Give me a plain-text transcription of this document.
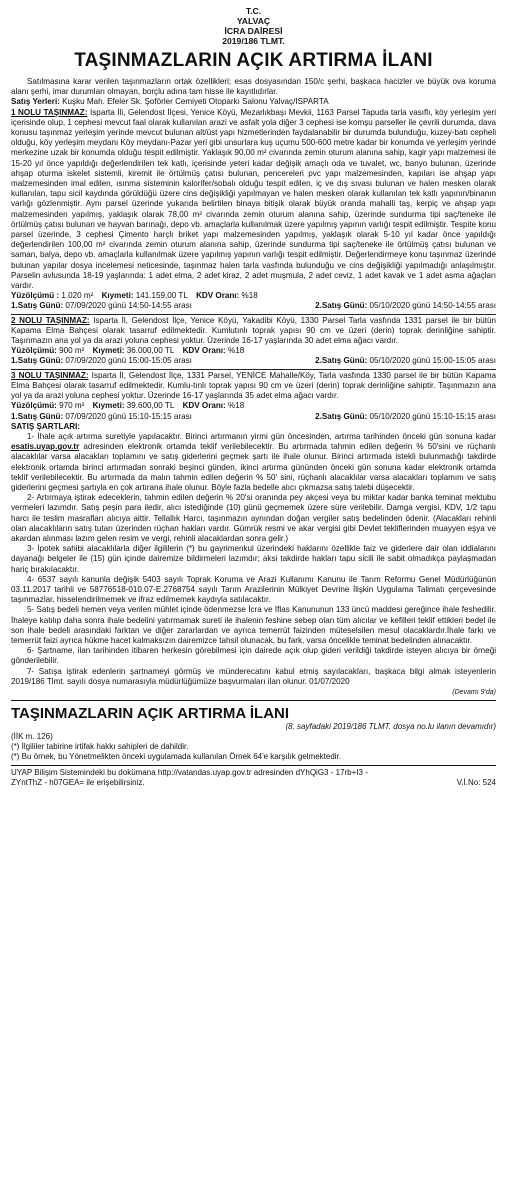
T.C.
YALVAÇ
İCRA DAİRESİ
2019/186 TLMT.
TAŞINMAZLARIN AÇIK ARTIRMA İLANI

Satılmasına karar verilen taşınmazların ortak özellikleri; esas dosyasından 150/c şerhi, başkaca hacizler ve büyük ova koruma alanı şerhi, imar durumları olmayan, borçlu adına tam hisse ile kayıtlıdırlar.

Satış Yerleri: Kuşku Mah. Efeler Sk. Şoförler Cemiyeti Otoparkı Salonu Yalvaç/ISPARTA

1 NOLU TAŞINMAZ: Isparta İli, Gelendost İlçesi, Yenice Köyü, Mezarlıkbaşı Mevkii, 1163 Parsel Tapuda tarla vasıflı, köy yerleşim yeri içerisinde olup, 1 cephesi mevcut faal olarak kullanılan arazi ve asfalt yola diğer 3 cephesi ise komşu parseller ile çevrili durumda, dava konusu taşınmaz yerleşim yerinde mevcut bulunan alt/üst yapı hizmetlerinden faydalanabilir bir durumda bulunduğu, kuzey-batı cepheli olduğu, köy yerleşim meydanı Köy meydanı-Pazar yeri gibi unsurlara kuş uçumu 500-600 metre kadar bir konumda ve yerleşim yerinde merkezine uzak bir konumda olduğu tespit edilmiştir. Yaklaşık 90,00 m² civarında zemin oturum alanına sahip, kagir yapı malzemesi ile 15-20 yıl önce yapıldığı değerlendirilen tek katlı, içerisinde yeteri kadar değişik amaçlı oda ve tuvalet, wc, banyo bulunan, üzerinde ahşap oturma iskelet sistemli, kiremit ile örtülmüş çatısı bulunan, pencereleri pvc yapı malzemesinden, kapıları ise ahşap yapı malzemesinden imal edilen, ısınma sisteminin kalorifer/sobalı olduğu tespit edilen, iç ve dış sıvası bulunan ve halen mesken olarak kullanılan, tapu sicil kaydında görüldüğü üzere cins değişikliği yapılmayan ve halen mesken olarak kullanılan tek katlı yapının/binanın varlığı gözlenmiştir. Aynı parsel üzerinde yukarıda belirtilen binaya bitişik olarak büyük oranda mahalli taş, kerpiç ve ahşap yapı malzemesinden yapılmış, yaklaşık olarak 78,00 m² civarında zemin oturum alanına sahip, üzerinde sundurma tipi saç/teneke ile örtülmüş çatısı bulunan ve hayvan barınağı, depo vb. amaçlarla kullanılmak üzere yapılmış yapının varlığı tespit edilmiştir. Tespite konu parsel üzerinde, 3 cephesi Çimento harçlı briket yapı malzemesinden yapılmış, yaklaşık olarak 5-10 yıl kadar önce yapıldığı değerlendirilen 100,00 m² civarında zemin oturum alanına sahip, üzerinde sundurma tipi saç/teneke ile örtülmüş çatısı bulunan ve saman, balya, depo vb. amaçlarla kullanılmak üzere yapılmış yapının varlığı tespit edilmiştir. Değerlendirmeye konu taşınmaz üzerinde bulunan yapılar dosya incelemesi neticesinde, taşınmaz halen tarla vasfında bulunduğu ve cins değişikliği yapılmadığı anlaşılmıştır. Parselin avlusunda 18-19 yaşlarında: 1 adet elma, 2 adet kiraz, 2 adet muşmula, 2 adet ceviz, 1 adet kavak ve 1 adet asma ağaçları vardır.

Yüzölçümü : 1.020 m² Kıymeti: 141.159,00 TL KDV Oranı: %18

1.Satış Günü: 07/09/2020 günü 14:50-14:55 arası	2.Satış Günü: 05/10/2020 günü 14:50-14:55 arası

2 NOLU TAŞINMAZ: Isparta İl, Gelendost İlçe, Yenice Köyü, Yakadibi Köyü, 1330 Parsel Tarla vasfında 1331 parsel ile bir bütün Kapama Elma Bahçesi olarak tasarruf edilmektedir. Kumlutınlı toprak yapısı 90 cm ve üzeri (derin) toprak derinliğine sahiptir. Taşınmazın ana yol ya da arazi yoluna cephesi yoktur. Üzerinde 16-17 yaşlarında 30 adet elma ağacı vardır.

Yüzölçümü: 900 m² Kıymeti: 36.000,00 TL KDV Oranı: %18

1.Satış Günü: 07/09/2020 günü 15:00-15:05 arası	2.Satış Günü: 05/10/2020 günü 15:00-15:05 arası

3 NOLU TAŞINMAZ: Isparta İl, Gelendost İlçe, 1331 Parsel, YENİCE Mahalle/Köy, Tarla vasfında 1330 parsel ile bir bütün Kapama Elma Bahçesi olarak tasarruf edilmektedir. Kumlu-tınlı toprak yapısı 90 cm ve üzeri (derin) toprak derinliğine sahiptir. Taşınmazın ana yol ya da arazi yoluna cephesi yoktur. Üzerinde 16-17 yaşlarında 35 adet elma ağacı vardır.

Yüzölçümü: 970 m² Kıymeti: 39.600,00 TL KDV Oranı: %18

1.Satış Günü: 07/09/2020 günü 15:10-15:15 arası	2.Satış Günü: 05/10/2020 günü 15:10-15:15 arası

SATIŞ ŞARTLARI:

1- İhale açık artırma suretiyle yapılacaktır. Birinci artırmanın yirmi gün öncesinden, artırma tarihinden önceki gün sonuna kadar esatis.uyap.gov.tr adresinden elektronik ortamda teklif verilebilecektir. Bu artırmada tahmin edilen değerin % 50'sini ve rüçhanlı alacaklılar varsa alacakları toplamını ve satış giderlerini geçmek şartı ile ihale olunur. Birinci artırmada istekli bulunmadığı takdirde elektronik ortamda birinci artırmadan sonraki beşinci günden, ikinci artırma gününden önceki gün sonuna kadar elektronik ortamda teklif verilebilecektir. Bu artırmada da malın tahmin edilen değerin % 50' sini, rüçhanlı alacaklılar varsa alacakları toplamını ve satış giderlerini geçmesi şartıyla en çok artırana ihale olunur. Böyle fazla bedelle alıcı çıkmazsa satış talebi düşecektir.

2- Artırmaya iştirak edeceklerin, tahmin edilen değerin % 20'si oranında pey akçesi veya bu miktar kadar banka teminat mektubu vermeleri lazımdır. Satış peşin para iledir, alıcı istediğinde (10) günü geçmemek üzere süre verilebilir. Damga vergisi, KDV, 1/2 tapu harcı ile teslim masrafları alıcıya aittir. Tellallık Harcı, taşınmazın aynından doğan vergiler satış bedelinden ödenir. (Alacakları rehinli olan alacaklıların satış tutarı üzerinden rüçhan hakları vardır. Gümrük resmi ve akar vergisi gibi Devlet tekliflerinden muayyen eşya ve akardan alınması lazım gelen resim ve vergi, rehinli alacaklardan sonra gelir.)

3- İpotek sahibi alacaklılarla diğer ilgililerin (*) bu gayrimenkul üzerindeki haklarını özellikle faiz ve giderlere dair olan iddialarını dayanağı belgeler ile (15) gün içinde dairemize bildirmeleri lazımdır; aksi takdirde hakları tapu sicili ile sabit olmadıkça paylaşmadan hariç bırakılacaktır.

4- 6537 sayılı kanunla değişik 5403 sayılı Toprak Koruma ve Arazi Kullanımı Kanunu ile Tarım Reformu Genel Müdürlüğünün 03.11.2017 tarihli ve 58776518-010.07-E.2768754 sayılı Tarım Arazilerinin Mülkiyet Devrine İlişkin Uygulama Talimatı çerçevesinde taşınmazlar, hisselendirilmemek ve ifraz edilmemek kaydıyla satılacaktır.

5- Satış bedeli hemen veya verilen mühlet içinde ödenmezse İcra ve İflas Kanununun 133 üncü maddesi gereğince ihale feshedilir. İhaleye katılıp daha sonra ihale bedelini yatırmamak sureti ile ihalenin feshine sebep olan tüm alıcılar ve kefilleri teklif ettikleri bedel ile son ihale bedeli arasındaki farktan ve diğer zararlardan ve ayrıca temerrüt faizinden müteselsilen mesul olacaklardır.İhale farkı ve temerrüt faizi ayrıca hükme hacet kalmaksızın dairemizce tahsil olunacak, bu fark, varsa öncelikle teminat bedelinden alınacaktır.

6- Şartname, ilan tarihinden itibaren herkesin görebilmesi için dairede açık olup gideri verildiği takdirde isteyen alıcıya bir örneği gönderilebilir.

7- Satışa iştirak edenlerin şartnameyi görmüş ve münderecatını kabul etmiş sayılacakları, başkaca bilgi almak isteyenlerin 2019/186 Tlmt. sayılı dosya numarasıyla müdürlüğümüze başvurmaları ilan olunur. 01/07/2020

(Devamı 9'da)
TAŞINMAZLARIN AÇIK ARTIRMA İLANI
(8. sayfadaki 2019/186 TLMT. dosya no.lu ilanın devamıdır)
(İİK m. 126)
(*) İlgililer tabirine irtifak hakkı sahipleri de dahildir.
(*) Bu örnek, bu Yönetmelikten önceki uygulamada kullanılan Örnek 64'e karşılık gelmektedir.
UYAP Bilişim Sistemindeki bu dokümana http://vatandas.uyap.gov.tr adresinden dYhQiG3 - 17rb+I3 -
ZYntThZ - h07GEA= ile erişebilirsiniz.	V.İ.No: 524
